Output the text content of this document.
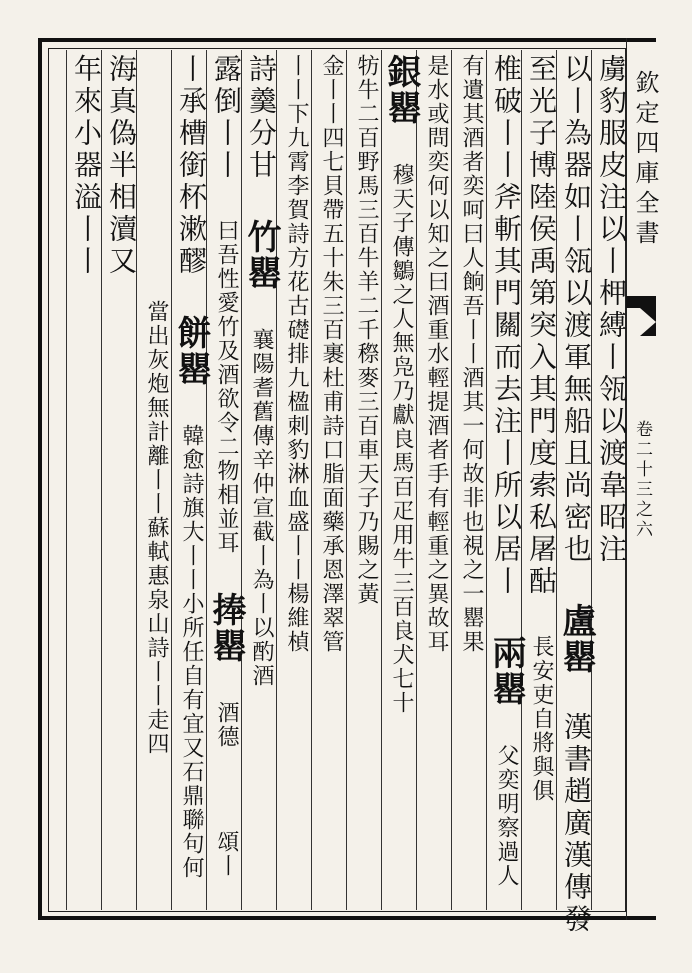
欽定四庫全書
卷二十三之六
虜豹服皮注以丨柙縛丨瓴以渡韋昭注
以丨為器如丨瓴以渡軍無船且尚密也 盧罌 漢書趙廣漢傳發
至光子博陸侯禹第突入其門度索私屠酤 長安吏自將與俱
椎破丨丨斧斬其門關而去注丨所以居丨 兩罌 父奕明察過人
有遺其酒者奕呵曰人餉吾丨丨酒其一何故非也視之一罌果
是水或問奕何以知之曰酒重水輕提酒者手有輕重之異故耳
銀罌 穆天子傳鶵之人無凫乃獻良馬百疋用牛三百良犬七十
牥牛二百野馬三百牛羊二千穄麥三百車天子乃賜之黃
金丨丨四七貝帶五十朱三百裹杜甫詩口脂面藥承恩澤翠管
丨丨下九霄李賀詩方花古礎排九楹刺豹淋血盛丨丨楊維楨
詩羹分甘 竹罌 襄陽耆舊傳辛仲宣截丨為丨以酌酒
露倒丨丨 曰吾性愛竹及酒欲令二物相並耳 捧罌 酒德
頌丨
丨承槽銜杯漱醪 餅罌 韓愈詩旗大丨丨小所任自有宜又石鼎聯句何
當出灰炮無計離丨丨蘇軾惠泉山詩丨丨走四
海真偽半相瀆又
年來小器溢丨丨
